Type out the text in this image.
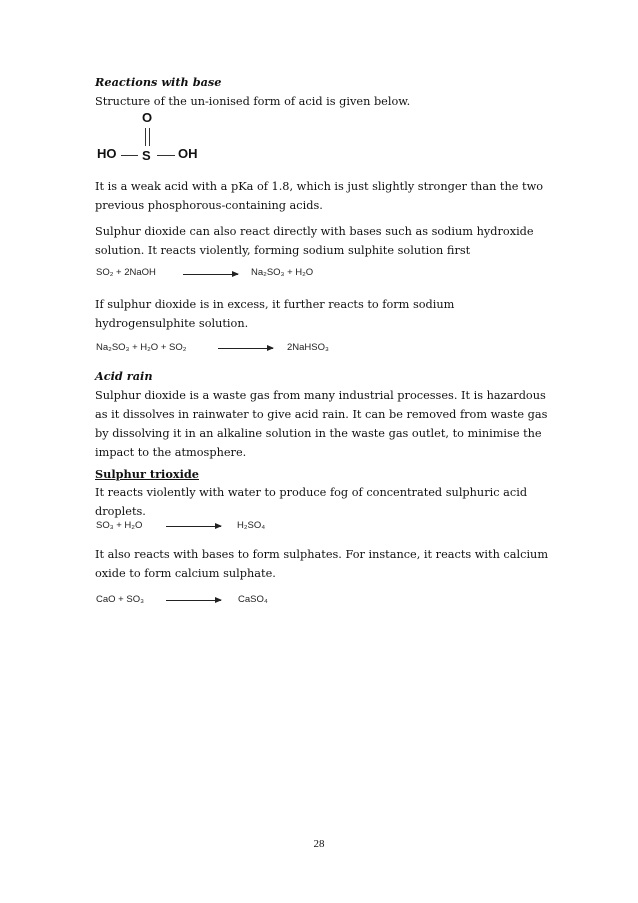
Reactions with base

Structure of the un-ionised form of acid is given below.

O
HO S OH

It is a weak acid with a pKa of 1.8, which is just slightly stronger than the two previous phosphorous-containing acids.

Sulphur dioxide can also react directly with bases such as sodium hydroxide solution. It reacts violently, forming sodium sulphite solution first

SO₂ + 2NaOH → Na₂SO₃ + H₂O

If sulphur dioxide is in excess, it further reacts to form sodium hydrogensulphite solution.

Na₂SO₃ + H₂O + SO₂ → 2NaHSO₃

Acid rain

Sulphur dioxide is a waste gas from many industrial processes. It is hazardous as it dissolves in rainwater to give acid rain. It can be removed from waste gas by dissolving it in an alkaline solution in the waste gas outlet, to minimise the impact to the atmosphere.

Sulphur trioxide

It reacts violently with water to produce fog of concentrated sulphuric acid droplets.

SO₃ + H₂O → H₂SO₄

It also reacts with bases to form sulphates. For instance, it reacts with calcium oxide to form calcium sulphate.

CaO + SO₃ → CaSO₄
28
